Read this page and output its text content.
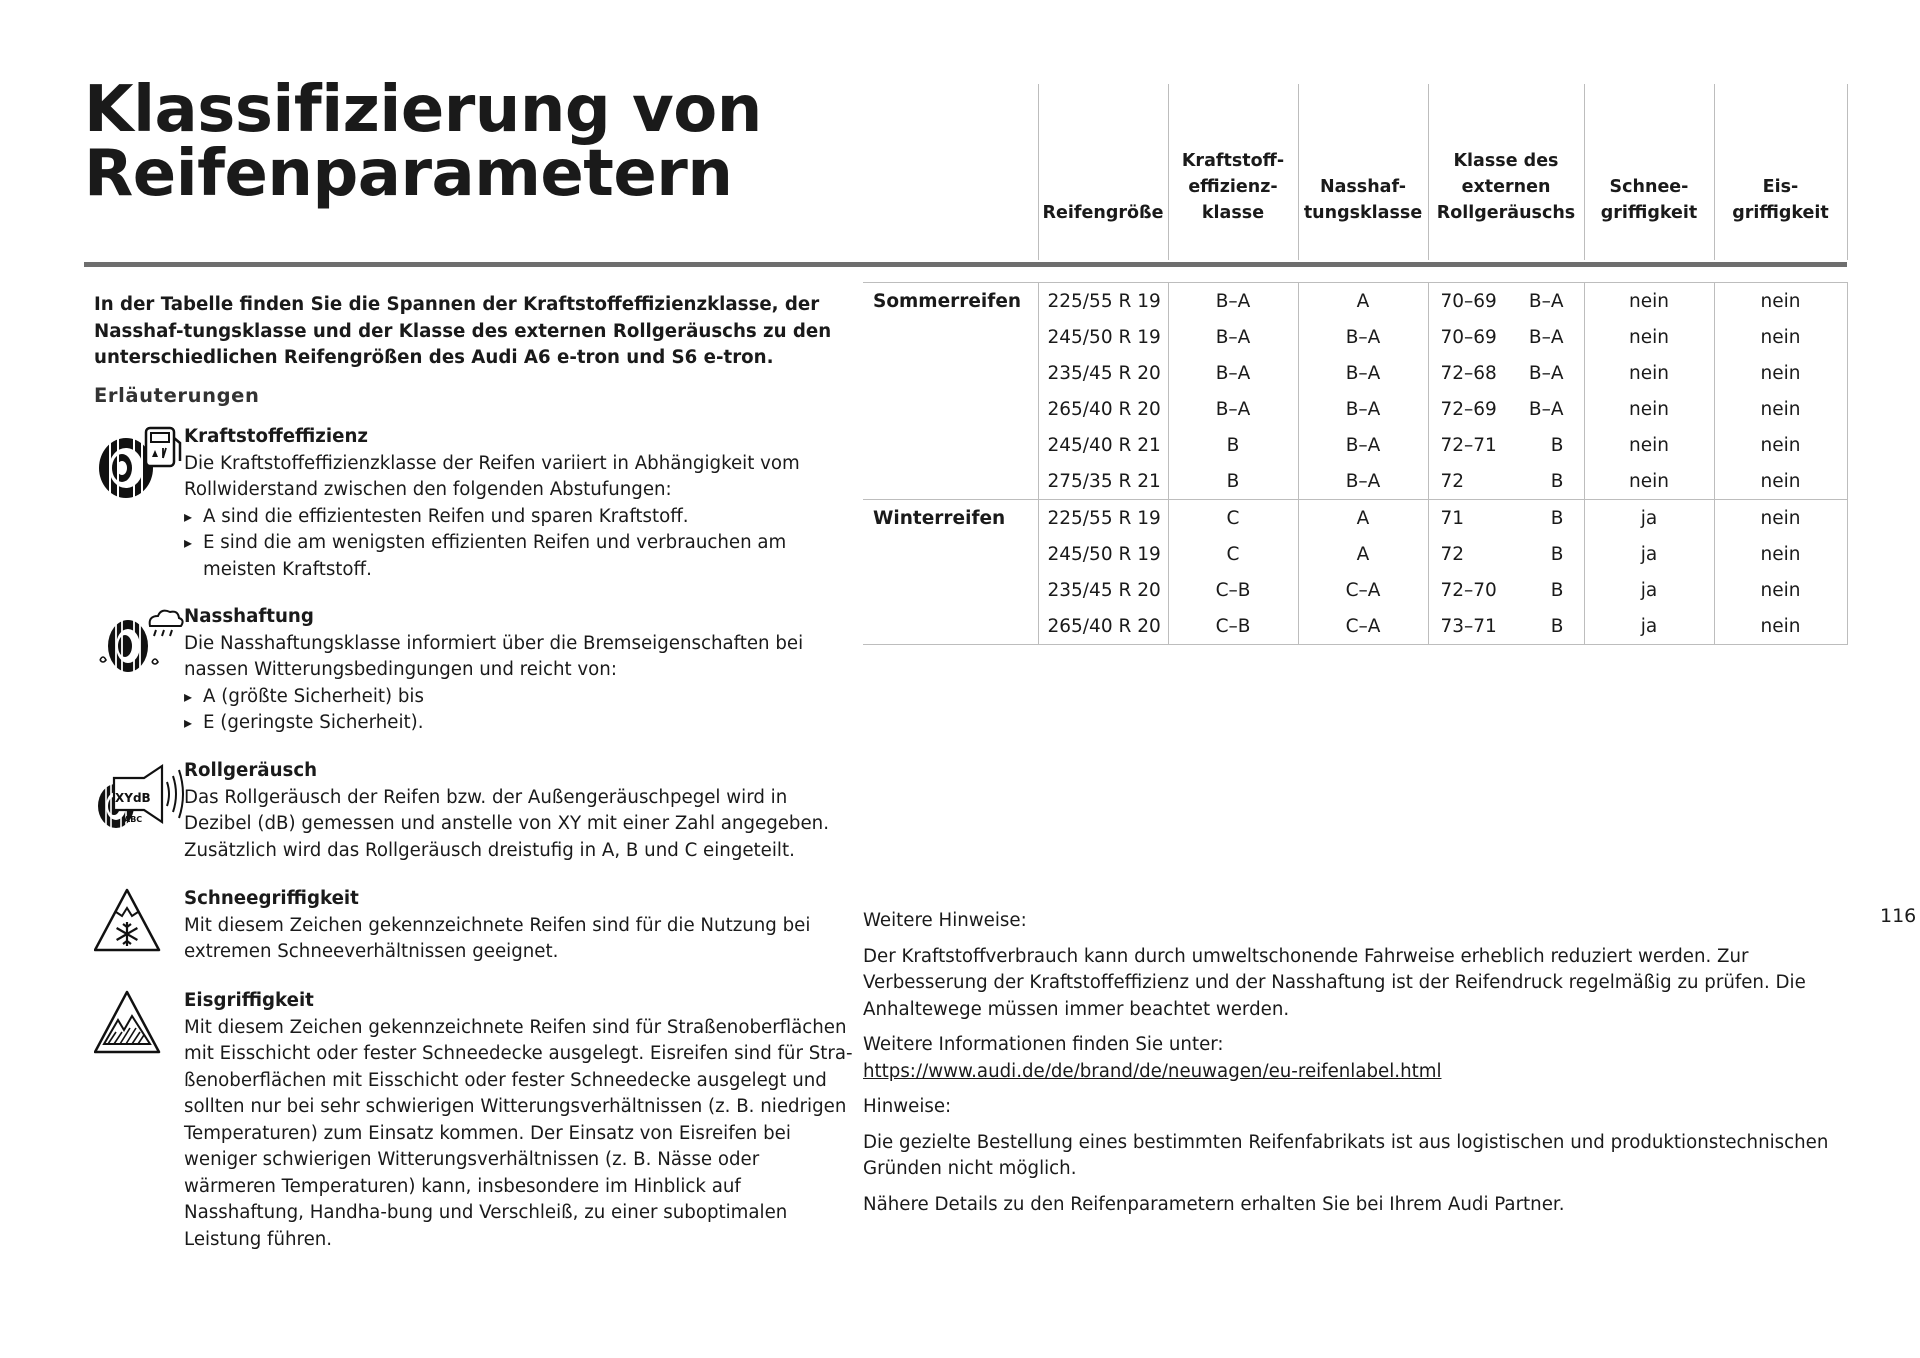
Klassifizierung von
Reifenparametern
	Reifengröße	Kraftstoff-
effizienz-
klasse	Nasshaf-
tungsklasse	Klasse des
externen
Rollgeräuschs	Schnee-
griffigkeit	Eis-
griffigkeit

Sommerreifen	225/55 R 19	B–A	A	70–69 B–A	nein	nein
	245/50 R 19	B–A	B–A	70–69 B–A	nein	nein
	235/45 R 20	B–A	B–A	72–68 B–A	nein	nein
	265/40 R 20	B–A	B–A	72–69 B–A	nein	nein
	245/40 R 21	B	B–A	72–71 B	nein	nein
	275/35 R 21	B	B–A	72 B	nein	nein
Winterreifen	225/55 R 19	C	A	71 B	ja	nein
	245/50 R 19	C	A	72 B	ja	nein
	235/45 R 20	C–B	C–A	72–70 B	ja	nein
	265/40 R 20	C–B	C–A	73–71 B	ja	nein

In der Tabelle finden Sie die Spannen der Kraftstoffeffizienzklasse, der Nasshaf-tungsklasse und der Klasse des externen Rollgeräuschs zu den unterschiedlichen Reifengrößen des Audi A6 e-tron und S6 e-tron.

Erläuterungen
Kraftstoffeffizienz

Die Kraftstoffeffizienzklasse der Reifen variiert in Abhängigkeit vom Rollwiderstand zwischen den folgenden Abstufungen:

▸ A sind die effizientesten Reifen und sparen Kraftstoff.
▸ E sind die am wenigsten effizienten Reifen und verbrauchen am meisten Kraftstoff.
Nasshaftung

Die Nasshaftungsklasse informiert über die Bremseigenschaften bei nassen Witterungsbedingungen und reicht von:

▸ A (größte Sicherheit) bis
▸ E (geringste Sicherheit).
XYdB
ABC
Rollgeräusch

Das Rollgeräusch der Reifen bzw. der Außengeräuschpegel wird in Dezibel (dB) gemessen und anstelle von XY mit einer Zahl angegeben. Zusätzlich wird das Rollgeräusch dreistufig in A, B und C eingeteilt.

Schneegriffigkeit

Mit diesem Zeichen gekennzeichnete Reifen sind für die Nutzung bei extremen Schneeverhältnissen geeignet.

Eisgriffigkeit

Mit diesem Zeichen gekennzeichnete Reifen sind für Straßenoberflächen mit Eisschicht oder fester Schneedecke ausgelegt. Eisreifen sind für Stra-ßenoberflächen mit Eisschicht oder fester Schneedecke ausgelegt und sollten nur bei sehr schwierigen Witterungsverhältnissen (z. B. niedrigen Temperaturen) zum Einsatz kommen. Der Einsatz von Eisreifen bei weniger schwierigen Witterungsverhältnissen (z. B. Nässe oder wärmeren Temperaturen) kann, insbesondere im Hinblick auf Nasshaftung, Handha-bung und Verschleiß, zu einer suboptimalen Leistung führen.

Weitere Hinweise:

Der Kraftstoffverbrauch kann durch umweltschonende Fahrweise erheblich reduziert werden. Zur Verbesserung der Kraftstoffeffizienz und der Nasshaftung ist der Reifendruck regelmäßig zu prüfen. Die Anhaltewege müssen immer beachtet werden.

Weitere Informationen finden Sie unter:
https://www.audi.de/de/brand/de/neuwagen/eu-reifenlabel.html

Hinweise:

Die gezielte Bestellung eines bestimmten Reifenfabrikats ist aus logistischen und produktionstechnischen Gründen nicht möglich.

Nähere Details zu den Reifenparametern erhalten Sie bei Ihrem Audi Partner.

116
